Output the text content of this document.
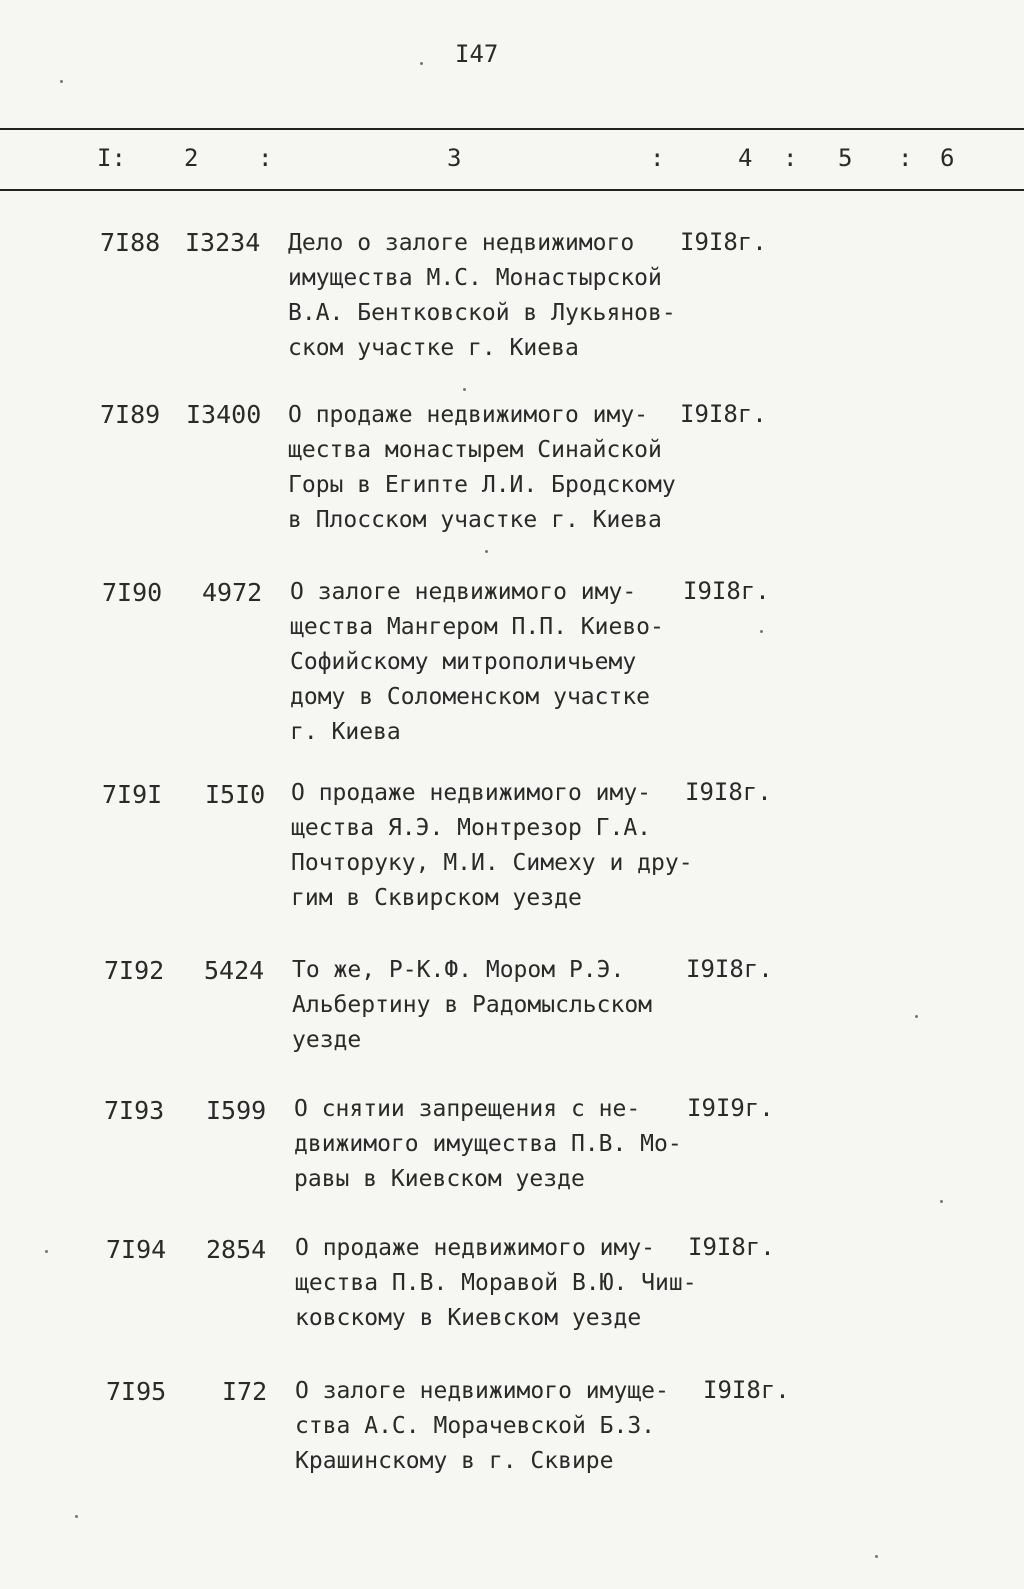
I47
I: 2 :	3	:	4 : 5 : 6
7I88 I3234 Дело о залоге недвижимого
имущества М.С. Монастырской
В.А. Бентковской в Лукьянов-
ском участке г. Киева
I9I8г.
7I89 I3400 О продаже недвижимого иму-
щества монастырем Синайской
Горы в Египте Л.И. Бродскому
в Плосском участке г. Киева
I9I8г.
7I90 4972 О залоге недвижимого иму-
щества Мангером П.П. Киево-
Софийскому митрополичьему
дому в Соломенском участке
г. Киева
I9I8г.
7I9I I5I0 О продаже недвижимого иму-
щества Я.Э. Монтрезор Г.А.
Почторуку, М.И. Симеху и дру-
гим в Сквирском уезде
I9I8г.
7I92 5424 То же, Р-К.Ф. Мором Р.Э.
Альбертину в Радомысльском
уезде
I9I8г.
7I93 I599 О снятии запрещения с не-
движимого имущества П.В. Мо-
равы в Киевском уезде
I9I9г.
7I94 2854 О продаже недвижимого иму-
щества П.В. Моравой В.Ю. Чиш-
ковскому в Киевском уезде
I9I8г.
7I95 I72 О залоге недвижимого имуще-
ства А.С. Морачевской Б.З.
Крашинскому в г. Сквире
I9I8г.
